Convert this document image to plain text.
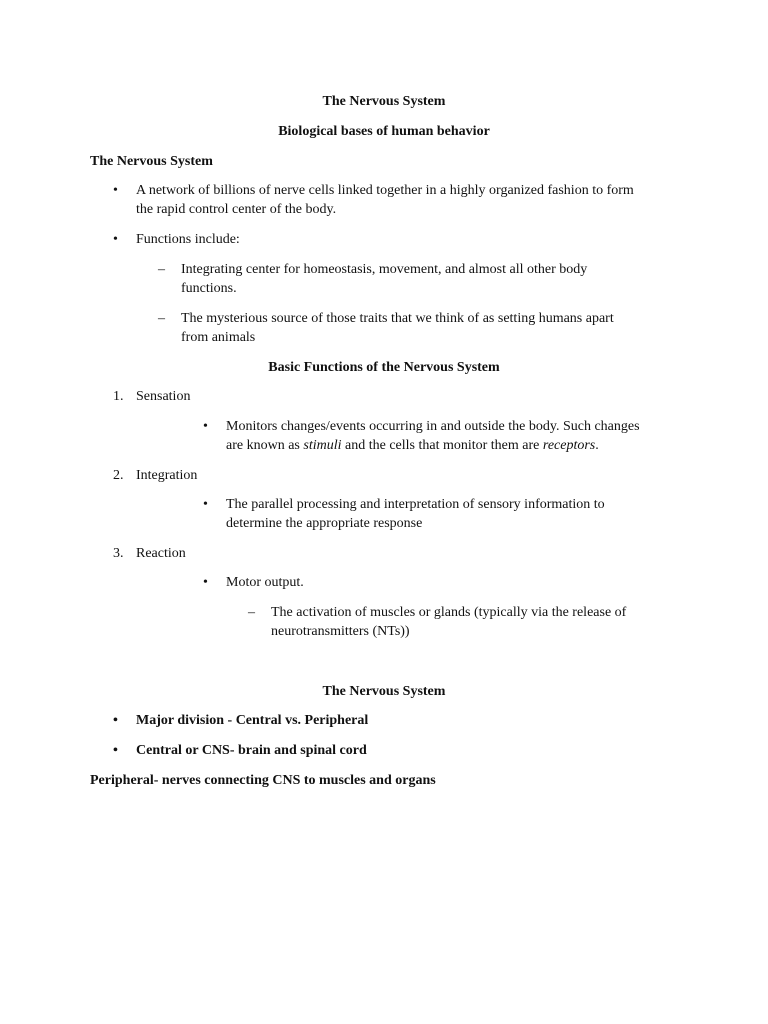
The Nervous System
Biological bases of human behavior
The Nervous System
• A network of billions of nerve cells linked together in a highly organized fashion to form
the rapid control center of the body.
• Functions include:
– Integrating center for homeostasis, movement, and almost all other body
functions.
– The mysterious source of those traits that we think of as setting humans apart
from animals
Basic Functions of the Nervous System
1. Sensation
• Monitors changes/events occurring in and outside the body. Such changes
are known as stimuli and the cells that monitor them are receptors.
2. Integration
• The parallel processing and interpretation of sensory information to
determine the appropriate response
3. Reaction
• Motor output.
– The activation of muscles or glands (typically via the release of
neurotransmitters (NTs))
The Nervous System
• Major division - Central vs. Peripheral
• Central or CNS- brain and spinal cord
Peripheral- nerves connecting CNS to muscles and organs
